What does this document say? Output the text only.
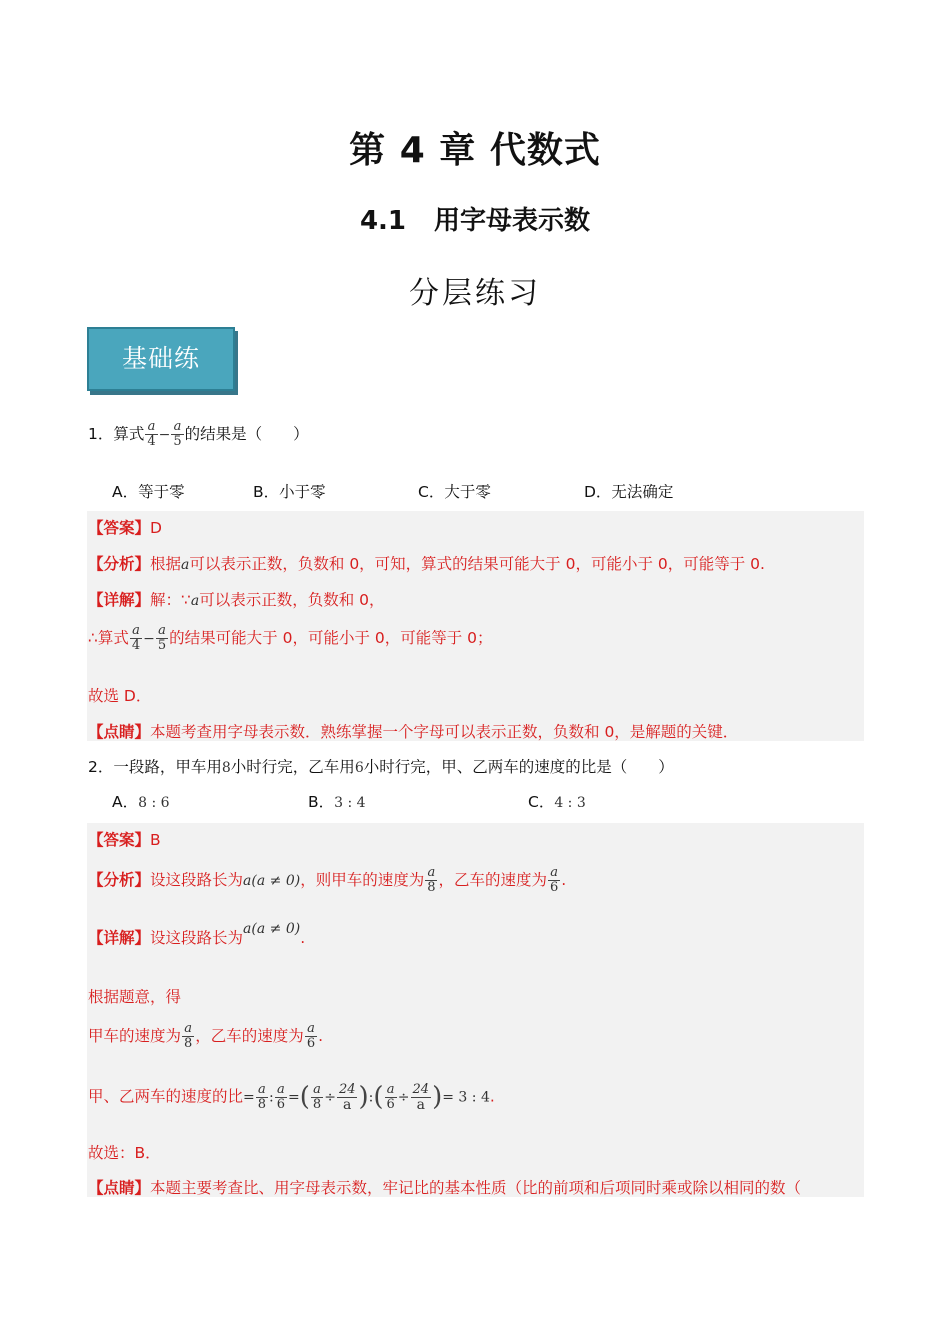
第 4 章 代数式
4.1 用字母表示数
分层练习
基础练
1．算式 $\frac{a}{4} - \frac{a}{5}$ 的结果是（　　）
A．等于零	B．小于零	C．大于零	D．无法确定
【答案】D
【分析】根据a可以表示正数，负数和 0，可知，算式的结果可能大于 0，可能小于 0，可能等于 0.
【详解】解：∵a可以表示正数，负数和 0，
∴算式 $\frac{a}{4} - \frac{a}{5}$ 的结果可能大于 0，可能小于 0，可能等于 0；
故选 D．
【点睛】本题考查用字母表示数．熟练掌握一个字母可以表示正数，负数和 0，是解题的关键．
2．一段路，甲车用8小时行完，乙车用6小时行完，甲、乙两车的速度的比是（　　）
A．8 : 6	B．3 : 4	C．4 : 3
【答案】B
【分析】设这段路长为a(a ≠ 0)，则甲车的速度为 $\frac{a}{8}$ ，乙车的速度为 $\frac{a}{6}$ .
【详解】设这段路长为a(a ≠ 0).
根据题意，得
甲车的速度为 $\frac{a}{8}$ ，乙车的速度为 $\frac{a}{6}$ .
甲、乙两车的速度的比= $\frac{a}{8}$ : $\frac{a}{6}$ =( $\frac{a}{8} \div \frac{24}{a}$ ):( $\frac{a}{6} \div \frac{24}{a}$ )= 3 : 4.
故选：B．
【点睛】本题主要考查比、用字母表示数，牢记比的基本性质（比的前项和后项同时乘或除以相同的数（
